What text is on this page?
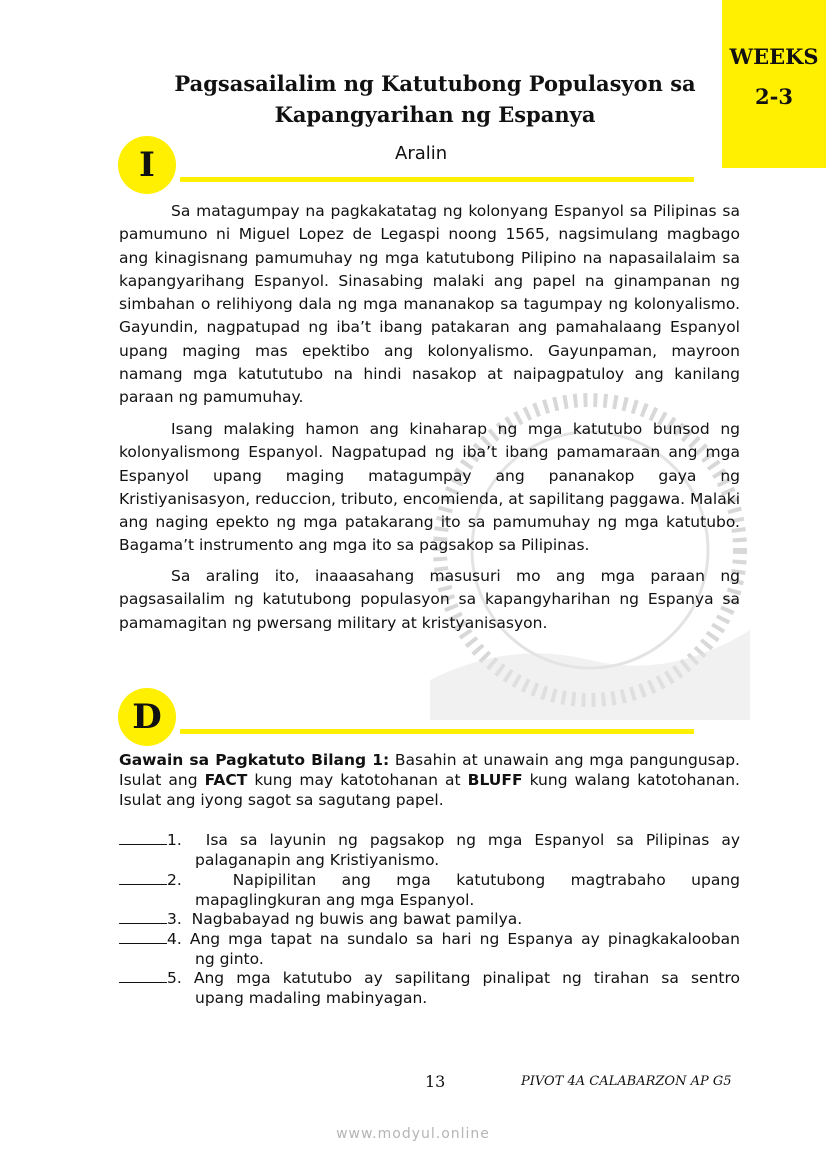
WEEKS
2-3
Pagsasailalim ng Katutubong Populasyon sa
Kapangyarihan ng Espanya
I	Aralin

Sa matagumpay na pagkakatatag ng kolonyang Espanyol sa Pilipinas sa pamumuno ni Miguel Lopez de Legaspi noong 1565, nagsimulang magbago ang kinagisnang pamumuhay ng mga katutubong Pilipino na napasailalaim sa kapangyarihang Espanyol. Sinasabing malaki ang papel na ginampanan ng simbahan o relihiyong dala ng mga mananakop sa tagumpay ng kolonyalismo. Gayundin, nagpatupad ng iba’t ibang patakaran ang pamahalaang Espanyol upang maging mas epektibo ang kolonyalismo. Gayunpaman, mayroon namang mga katututubo na hindi nasakop at naipagpatuloy ang kanilang paraan ng pamumuhay.

Isang malaking hamon ang kinaharap ng mga katutubo bunsod ng kolonyalismong Espanyol. Nagpatupad ng iba’t ibang pamamaraan ang mga Espanyol upang maging matagumpay ang pananakop gaya ng Kristiyanisasyon, reduccion, tributo, encomienda, at sapilitang paggawa. Malaki ang naging epekto ng mga patakarang ito sa pamumuhay ng mga katutubo. Bagama’t instrumento ang mga ito sa pagsakop sa Pilipinas.

Sa araling ito, inaaasahang masusuri mo ang mga paraan ng pagsasailalim ng katutubong populasyon sa kapangyharihan ng Espanya sa pamamagitan ng pwersang military at kristyanisasyon.

D

Gawain sa Pagkatuto Bilang 1: Basahin at unawain ang mga pangungusap. Isulat ang FACT kung may katotohanan at BLUFF kung walang katotohanan. Isulat ang iyong sagot sa sagutang papel.

1. Isa sa layunin ng pagsakop ng mga Espanyol sa Pilipinas ay
palaganapin ang Kristiyanismo.
2.	Napipilitan ang mga katutubong magtrabaho upang
mapaglingkuran ang mga Espanyol.
3. Nagbabayad ng buwis ang bawat pamilya.
4. Ang mga tapat na sundalo sa hari ng Espanya ay pinagkakalooban
ng ginto.
5. Ang mga katutubo ay sapilitang pinalipat ng tirahan sa sentro
upang madaling mabinyagan.
13	PIVOT 4A CALABARZON AP G5
www.modyul.online
